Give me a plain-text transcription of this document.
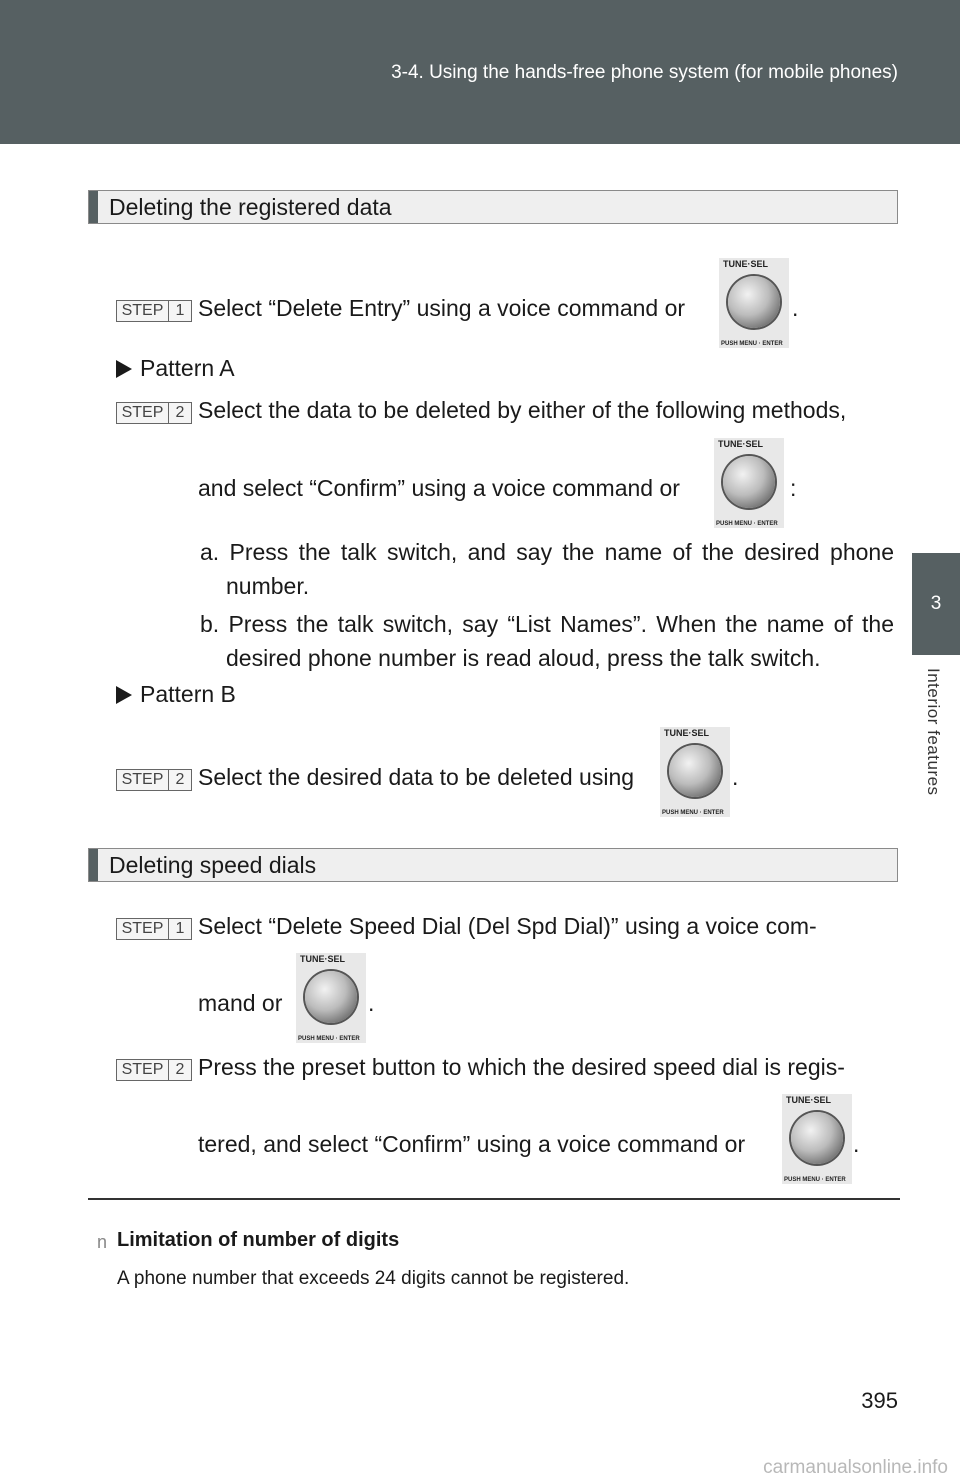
3-4. Using the hands-free phone system (for mobile phones)
3
Interior features
Deleting the registered data
STEP 1 Select “Delete Entry” using a voice command or
TUNE·SEL
PUSH MENU · ENTER
.
Pattern A
STEP 2 Select the data to be deleted by either of the following methods,
and select “Confirm” using a voice command or
TUNE·SEL
PUSH MENU · ENTER
:
a. Press the talk switch, and say the name of the desired phone number.
b. Press the talk switch, say “List Names”. When the name of the desired phone number is read aloud, press the talk switch.
Pattern B
STEP 2 Select the desired data to be deleted using
TUNE·SEL
PUSH MENU · ENTER
.
Deleting speed dials
STEP 1 Select “Delete Speed Dial (Del Spd Dial)” using a voice com-
mand or
TUNE·SEL
PUSH MENU · ENTER
.
STEP 2 Press the preset button to which the desired speed dial is regis-
tered, and select “Confirm” using a voice command or
TUNE·SEL
PUSH MENU · ENTER
.
n Limitation of number of digits
A phone number that exceeds 24 digits cannot be registered.
395
carmanualsonline.info
